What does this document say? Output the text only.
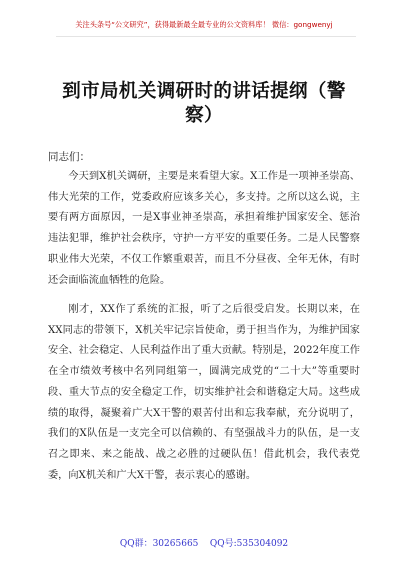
关注头条号“公文研究”，获得最新最全最专业的公文资料库！ 微信：gongwenyj
到市局机关调研时的讲话提纲（警察）
同志们：

今天到X机关调研，主要是来看望大家。X工作是一项神圣崇高、伟大光荣的工作，党委政府应该多关心，多支持。之所以这么说，主要有两方面原因，一是X事业神圣崇高，承担着维护国家安全、惩治违法犯罪，维护社会秩序，守护一方平安的重要任务。二是人民警察职业伟大光荣，不仅工作繁重艰苦，而且不分昼夜、全年无休，有时还会面临流血牺牲的危险。

刚才，XX作了系统的汇报，听了之后很受启发。长期以来，在XX同志的带领下，X机关牢记宗旨使命，勇于担当作为，为维护国家安全、社会稳定、人民利益作出了重大贡献。特别是，2022年度工作在全市绩效考核中名列同组第一，圆满完成党的“二十大”等重要时段、重大节点的安全稳定工作，切实维护社会和谐稳定大局。这些成绩的取得，凝聚着广大X干警的艰苦付出和忘我奉献，充分说明了，我们的X队伍是一支完全可以信赖的、有坚强战斗力的队伍，是一支召之即来、来之能战、战之必胜的过硬队伍！借此机会，我代表党委，向X机关和广大X干警，表示衷心的感谢。

QQ群：30265665    QQ号:535304092
